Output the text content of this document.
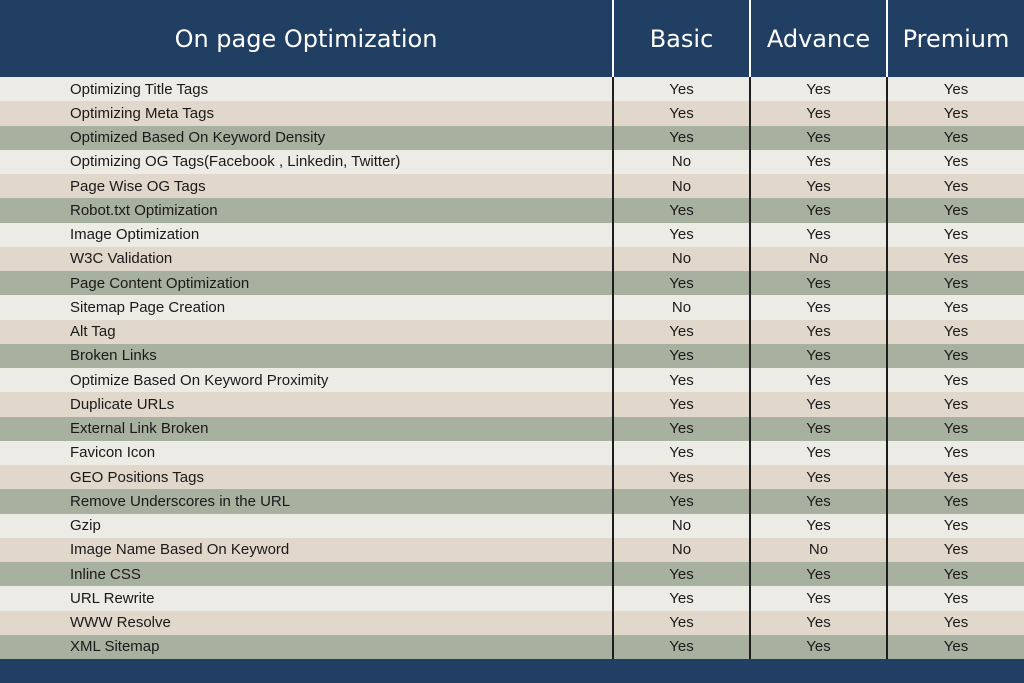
On page Optimization	Basic	Advance	Premium
Optimizing Title Tags	Yes	Yes	Yes
Optimizing Meta Tags	Yes	Yes	Yes
Optimized Based On Keyword Density	Yes	Yes	Yes
Optimizing OG Tags(Facebook , Linkedin, Twitter)	No	Yes	Yes
Page Wise OG Tags	No	Yes	Yes
Robot.txt Optimization	Yes	Yes	Yes
Image Optimization	Yes	Yes	Yes
W3C Validation	No	No	Yes
Page Content Optimization	Yes	Yes	Yes
Sitemap Page Creation	No	Yes	Yes
Alt Tag	Yes	Yes	Yes
Broken Links	Yes	Yes	Yes
Optimize Based On Keyword Proximity	Yes	Yes	Yes
Duplicate URLs	Yes	Yes	Yes
External Link Broken	Yes	Yes	Yes
Favicon Icon	Yes	Yes	Yes
GEO Positions Tags	Yes	Yes	Yes
Remove Underscores in the URL	Yes	Yes	Yes
Gzip	No	Yes	Yes
Image Name Based On Keyword	No	No	Yes
Inline CSS	Yes	Yes	Yes
URL Rewrite	Yes	Yes	Yes
WWW Resolve	Yes	Yes	Yes
XML Sitemap	Yes	Yes	Yes
